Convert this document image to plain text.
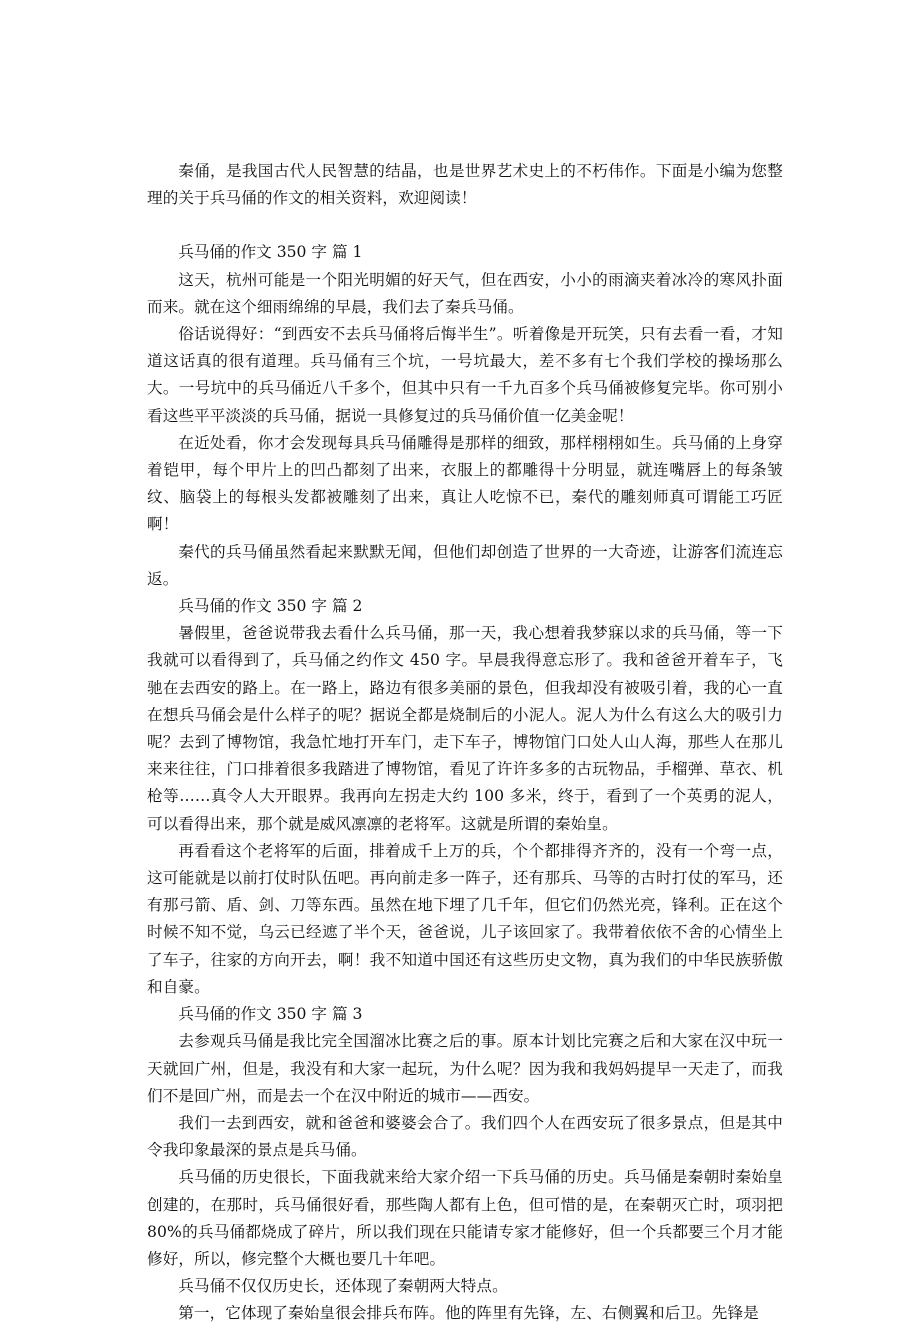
秦俑，是我国古代人民智慧的结晶，也是世界艺术史上的不朽伟作。下面是小编为您整理的关于兵马俑的作文的相关资料，欢迎阅读！

兵马俑的作文 350 字 篇 1

这天，杭州可能是一个阳光明媚的好天气，但在西安，小小的雨滴夹着冰冷的寒风扑面而来。就在这个细雨绵绵的早晨，我们去了秦兵马俑。

俗话说得好：“到西安不去兵马俑将后悔半生”。听着像是开玩笑，只有去看一看，才知道这话真的很有道理。兵马俑有三个坑，一号坑最大，差不多有七个我们学校的操场那么大。一号坑中的兵马俑近八千多个，但其中只有一千九百多个兵马俑被修复完毕。你可别小看这些平平淡淡的兵马俑，据说一具修复过的兵马俑价值一亿美金呢！

在近处看，你才会发现每具兵马俑雕得是那样的细致，那样栩栩如生。兵马俑的上身穿着铠甲，每个甲片上的凹凸都刻了出来，衣服上的都雕得十分明显，就连嘴唇上的每条皱纹、脑袋上的每根头发都被雕刻了出来，真让人吃惊不已，秦代的雕刻师真可谓能工巧匠啊！

秦代的兵马俑虽然看起来默默无闻，但他们却创造了世界的一大奇迹，让游客们流连忘返。

兵马俑的作文 350 字 篇 2

暑假里，爸爸说带我去看什么兵马俑，那一天，我心想着我梦寐以求的兵马俑，等一下我就可以看得到了，兵马俑之约作文 450 字。早晨我得意忘形了。我和爸爸开着车子，飞驰在去西安的路上。在一路上，路边有很多美丽的景色，但我却没有被吸引着，我的心一直在想兵马俑会是什么样子的呢？据说全都是烧制后的小泥人。泥人为什么有这么大的吸引力呢？去到了博物馆，我急忙地打开车门，走下车子，博物馆门口处人山人海，那些人在那儿来来往往，门口排着很多我踏进了博物馆，看见了许许多多的古玩物品，手榴弹、草衣、机枪等……真令人大开眼界。我再向左拐走大约 100 多米，终于，看到了一个英勇的泥人，可以看得出来，那个就是威风凛凛的老将军。这就是所谓的秦始皇。

再看看这个老将军的后面，排着成千上万的兵，个个都排得齐齐的，没有一个弯一点，这可能就是以前打仗时队伍吧。再向前走多一阵子，还有那兵、马等的古时打仗的军马，还有那弓箭、盾、剑、刀等东西。虽然在地下埋了几千年，但它们仍然光亮，锋利。正在这个时候不知不觉，乌云已经遮了半个天，爸爸说，儿子该回家了。我带着依依不舍的心情坐上了车子，往家的方向开去，啊！我不知道中国还有这些历史文物，真为我们的中华民族骄傲和自豪。

兵马俑的作文 350 字 篇 3

去参观兵马俑是我比完全国溜冰比赛之后的事。原本计划比完赛之后和大家在汉中玩一天就回广州，但是，我没有和大家一起玩，为什么呢？因为我和我妈妈提早一天走了，而我们不是回广州，而是去一个在汉中附近的城市——西安。

我们一去到西安，就和爸爸和婆婆会合了。我们四个人在西安玩了很多景点，但是其中令我印象最深的景点是兵马俑。

兵马俑的历史很长，下面我就来给大家介绍一下兵马俑的历史。兵马俑是秦朝时秦始皇创建的，在那时，兵马俑很好看，那些陶人都有上色，但可惜的是，在秦朝灭亡时，项羽把 80%的兵马俑都烧成了碎片，所以我们现在只能请专家才能修好，但一个兵都要三个月才能修好，所以，修完整个大概也要几十年吧。

兵马俑不仅仅历史长，还体现了秦朝两大特点。

第一，它体现了秦始皇很会排兵布阵。他的阵里有先锋，左、右侧翼和后卫。先锋是
